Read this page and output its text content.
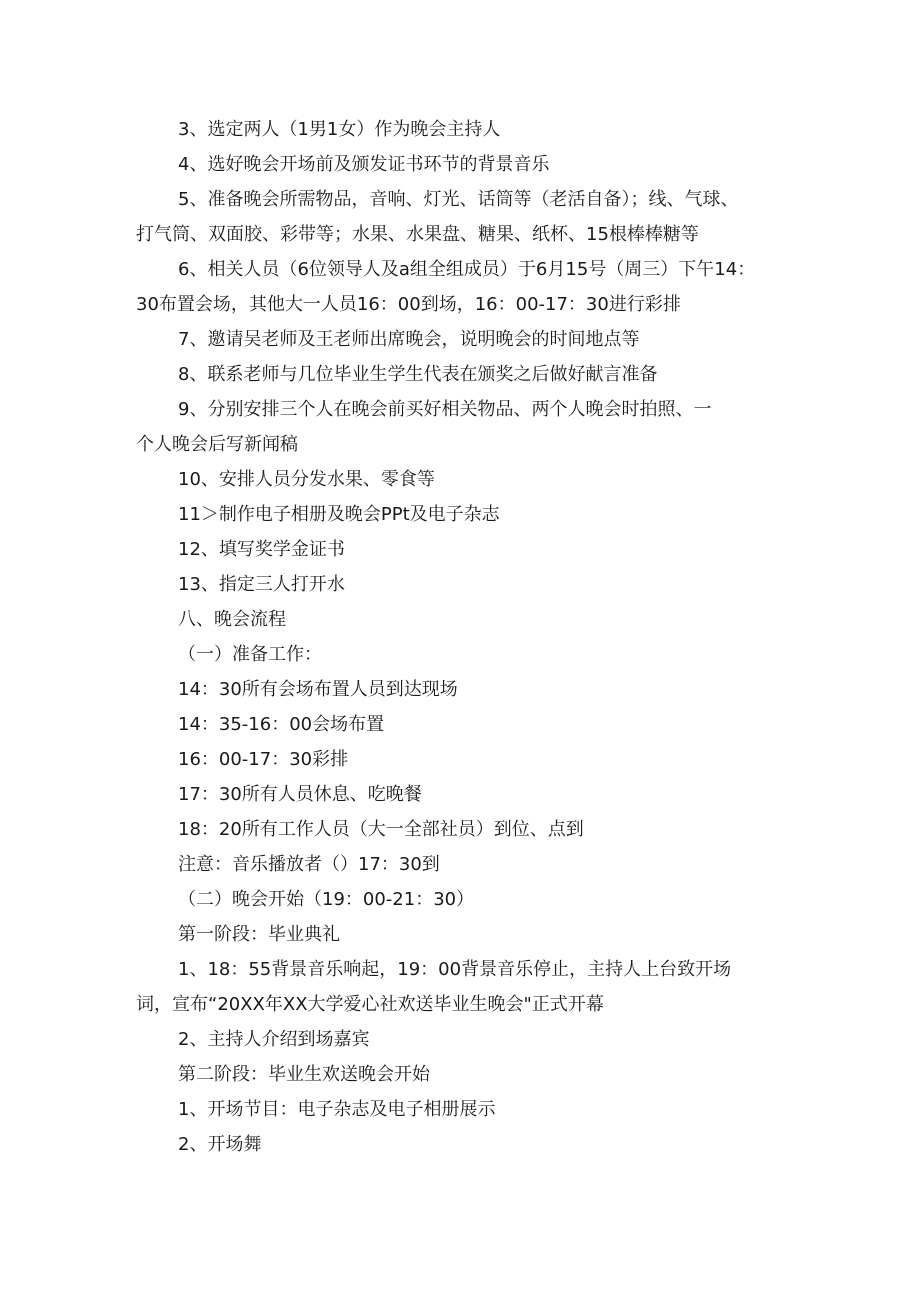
3、选定两人（1男1女）作为晚会主持人
4、选好晚会开场前及颁发证书环节的背景音乐
5、准备晚会所需物品，音响、灯光、话筒等（老活自备）；线、气球、
打气筒、双面胶、彩带等；水果、水果盘、糖果、纸杯、15根棒棒糖等
6、相关人员（6位领导人及a组全组成员）于6月15号（周三）下午14：
30布置会场，其他大一人员16：00到场，16：00-17：30进行彩排
7、邀请吴老师及王老师出席晚会，说明晚会的时间地点等
8、联系老师与几位毕业生学生代表在颁奖之后做好献言准备
9、分别安排三个人在晚会前买好相关物品、两个人晚会时拍照、一
个人晚会后写新闻稿
10、安排人员分发水果、零食等
11＞制作电子相册及晚会PPt及电子杂志
12、填写奖学金证书
13、指定三人打开水
八、晚会流程
（一）准备工作：
14：30所有会场布置人员到达现场
14：35-16：00会场布置
16：00-17：30彩排
17：30所有人员休息、吃晚餐
18：20所有工作人员（大一全部社员）到位、点到
注意：音乐播放者（）17：30到
（二）晚会开始（19：00-21：30）
第一阶段：毕业典礼
1、18：55背景音乐响起，19：00背景音乐停止，主持人上台致开场
词，宣布“20XX年XX大学爱心社欢送毕业生晚会"正式开幕
2、主持人介绍到场嘉宾
第二阶段：毕业生欢送晚会开始
1、开场节目：电子杂志及电子相册展示
2、开场舞
